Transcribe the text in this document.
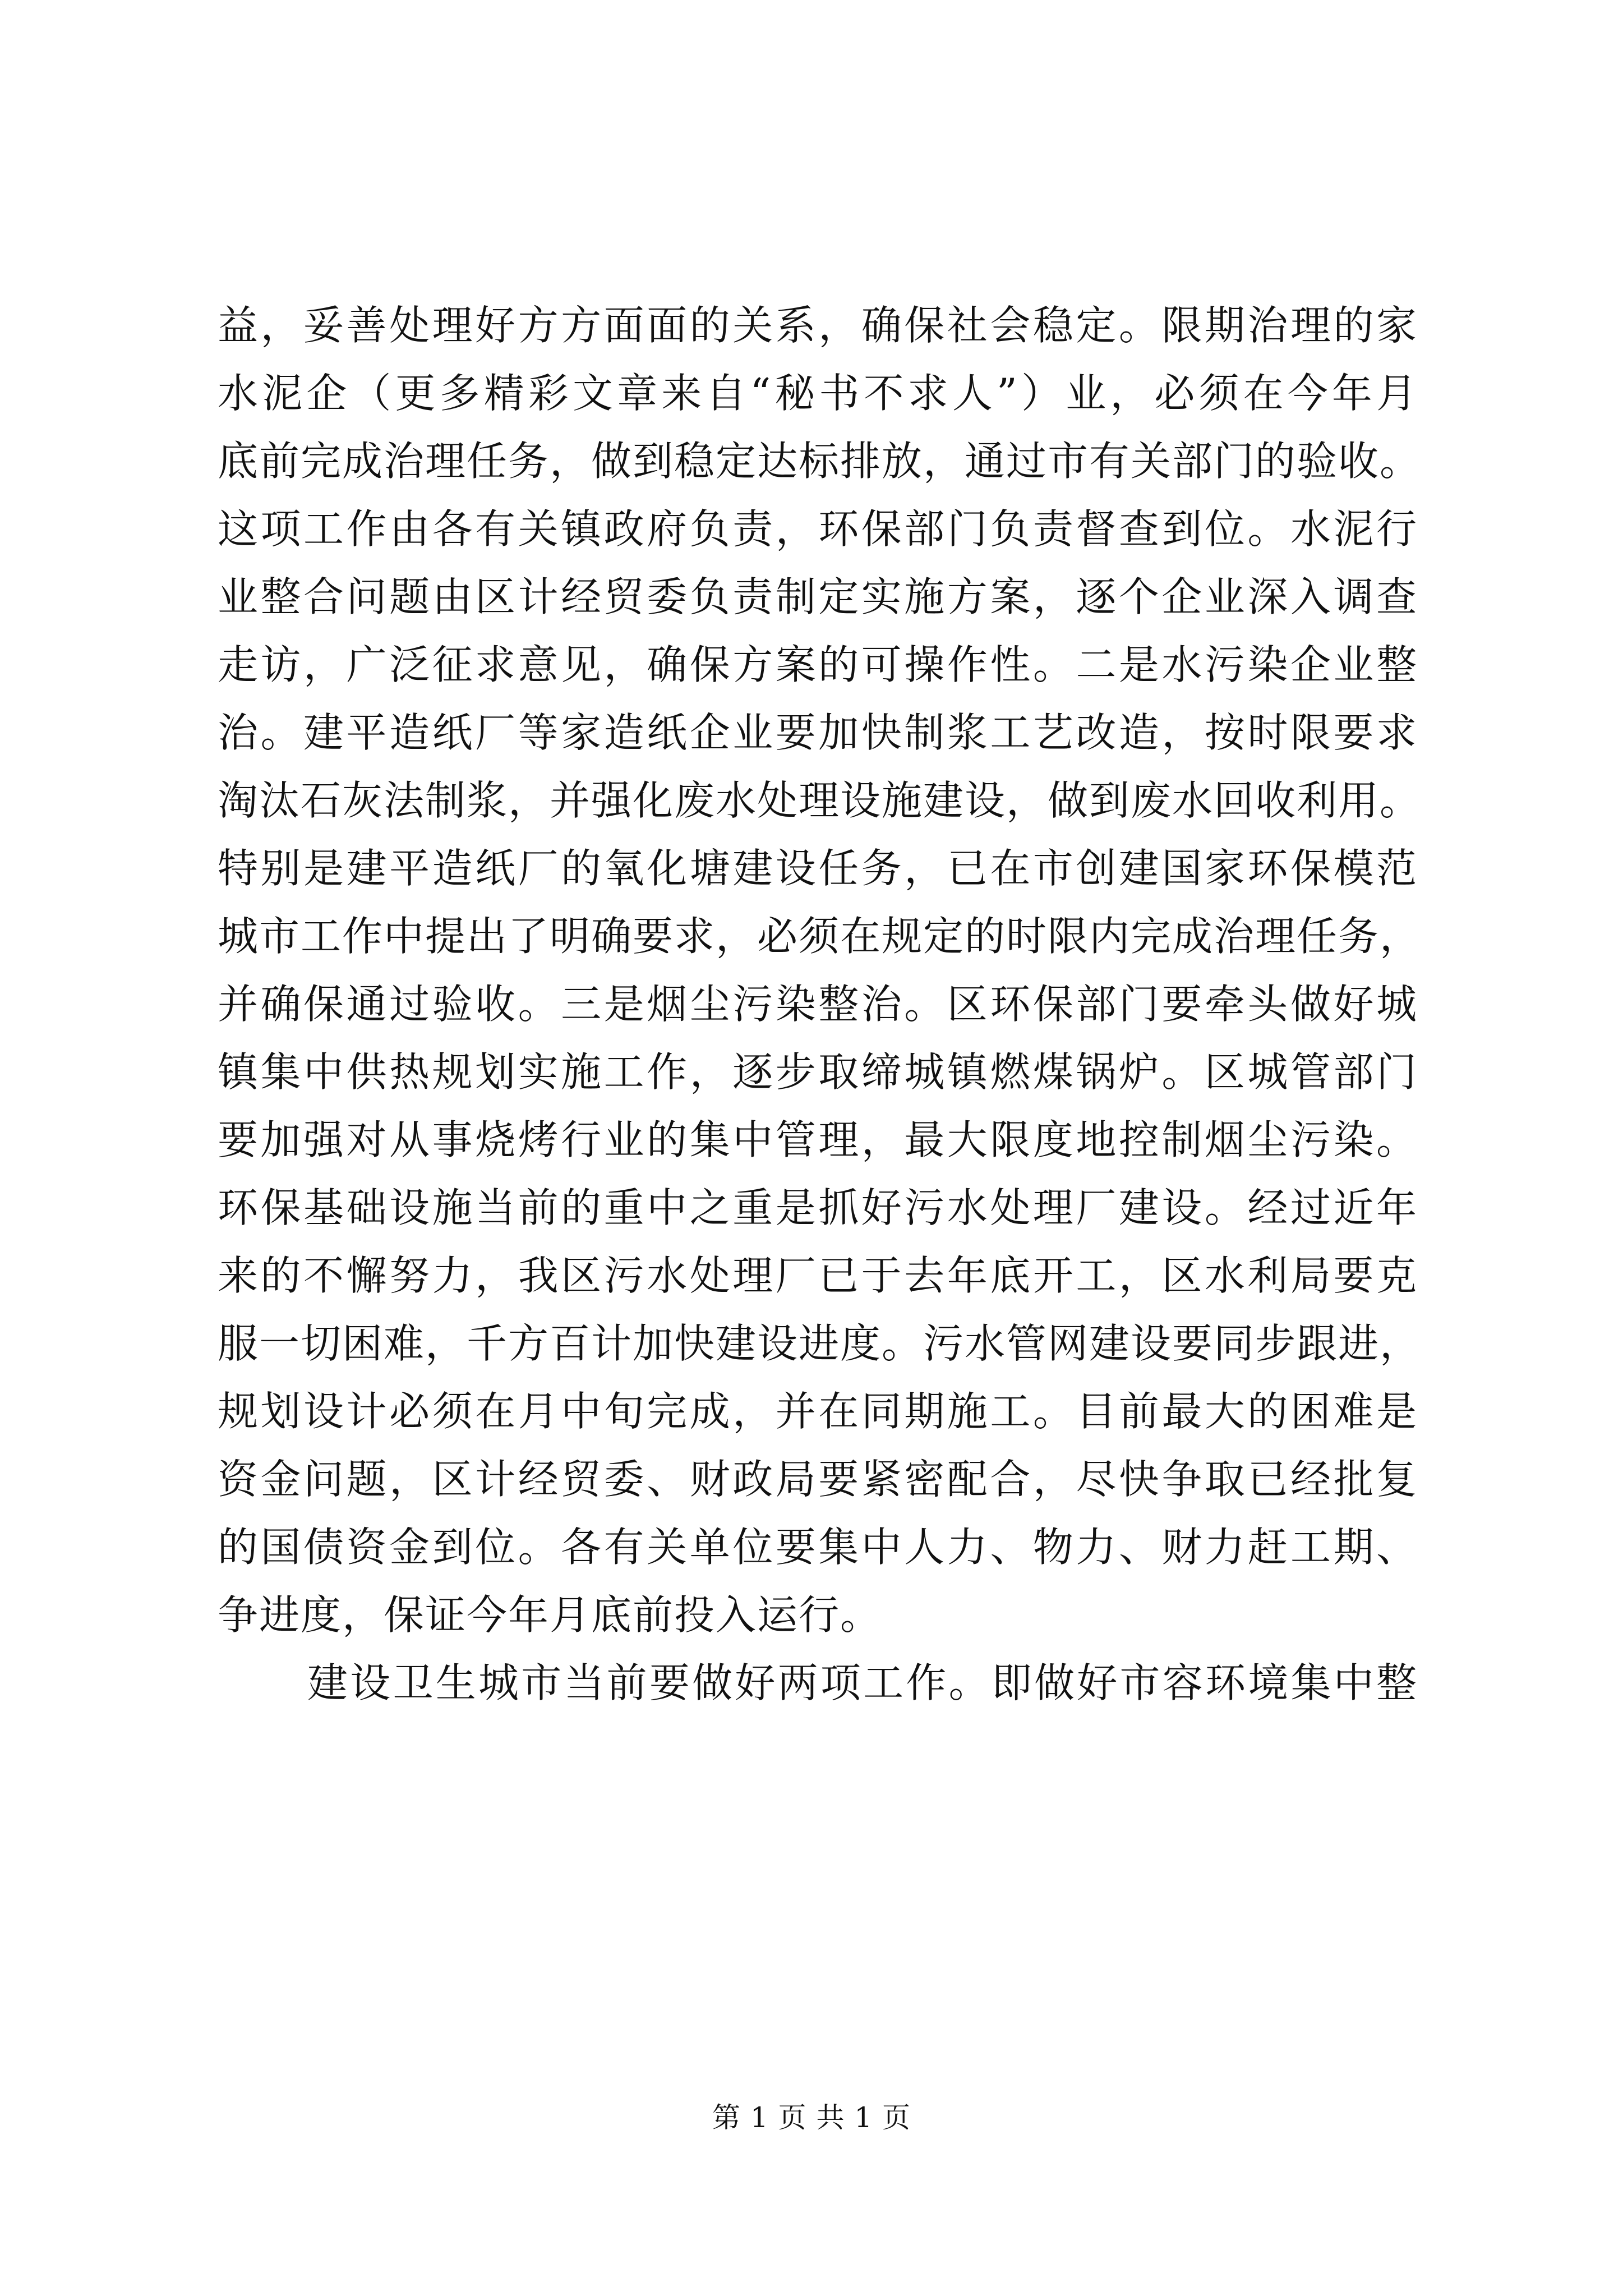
益，妥善处理好方方面面的关系，确保社会稳定。限期治理的家
水泥企（更多精彩文章来自“秘书不求人”）业，必须在今年月
底前完成治理任务，做到稳定达标排放，通过市有关部门的验收。
这项工作由各有关镇政府负责，环保部门负责督查到位。水泥行
业整合问题由区计经贸委负责制定实施方案，逐个企业深入调查
走访，广泛征求意见，确保方案的可操作性。二是水污染企业整
治。建平造纸厂等家造纸企业要加快制浆工艺改造，按时限要求
淘汰石灰法制浆，并强化废水处理设施建设，做到废水回收利用。
特别是建平造纸厂的氧化塘建设任务，已在市创建国家环保模范
城市工作中提出了明确要求，必须在规定的时限内完成治理任务，
并确保通过验收。三是烟尘污染整治。区环保部门要牵头做好城
镇集中供热规划实施工作，逐步取缔城镇燃煤锅炉。区城管部门
要加强对从事烧烤行业的集中管理，最大限度地控制烟尘污染。
环保基础设施当前的重中之重是抓好污水处理厂建设。经过近年
来的不懈努力，我区污水处理厂已于去年底开工，区水利局要克
服一切困难，千方百计加快建设进度。污水管网建设要同步跟进，
规划设计必须在月中旬完成，并在同期施工。目前最大的困难是
资金问题，区计经贸委、财政局要紧密配合，尽快争取已经批复
的国债资金到位。各有关单位要集中人力、物力、财力赶工期、
争进度，保证今年月底前投入运行。
建设卫生城市当前要做好两项工作。即做好市容环境集中整
第 1 页 共 1 页
